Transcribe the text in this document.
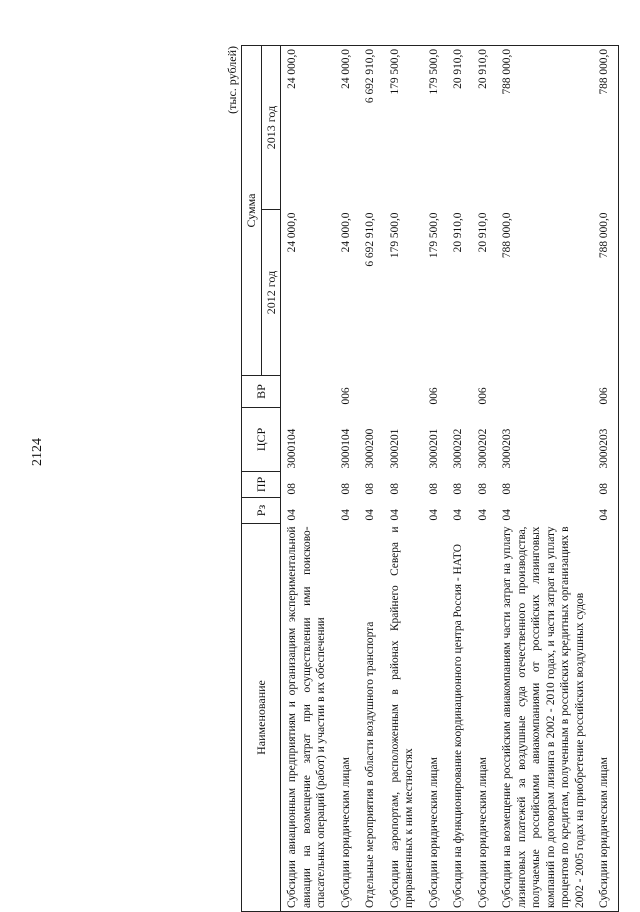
2124
(тыс. рублей)
Наименование	Рз	ПР	ЦСР	ВР	Сумма	
					2012 год	2013 год
Субсидии авиационным предприятиям и организациям экспериментальной авиации на возмещение затрат при осуществлении ими поисково-спасательных операций (работ) и участии в их обеспечении	04	08	3000104		24 000,0	24 000,0
Субсидии юридическим лицам	04	08	3000104	006	24 000,0	24 000,0
Отдельные мероприятия в области воздушного транспорта	04	08	3000200		6 692 910,0	6 692 910,0
Субсидии аэропортам, расположенным в районах Крайнего Севера и приравненных к ним местностях	04	08	3000201		179 500,0	179 500,0
Субсидии юридическим лицам	04	08	3000201	006	179 500,0	179 500,0
Субсидии на функционирование координационного центра Россия - НАТО	04	08	3000202		20 910,0	20 910,0
Субсидии юридическим лицам	04	08	3000202	006	20 910,0	20 910,0
Субсидии на возмещение российским авиакомпаниям части затрат на уплату лизинговых платежей за воздушные суда отечественного производства, получаемые российскими авиакомпаниями от российских лизинговых компаний по договорам лизинга в 2002 - 2010 годах, и части затрат на уплату процентов по кредитам, полученным в российских кредитных организациях в 2002 - 2005 годах на приобретение российских воздушных судов	04	08	3000203		788 000,0	788 000,0
Субсидии юридическим лицам	04	08	3000203	006	788 000,0	788 000,0
